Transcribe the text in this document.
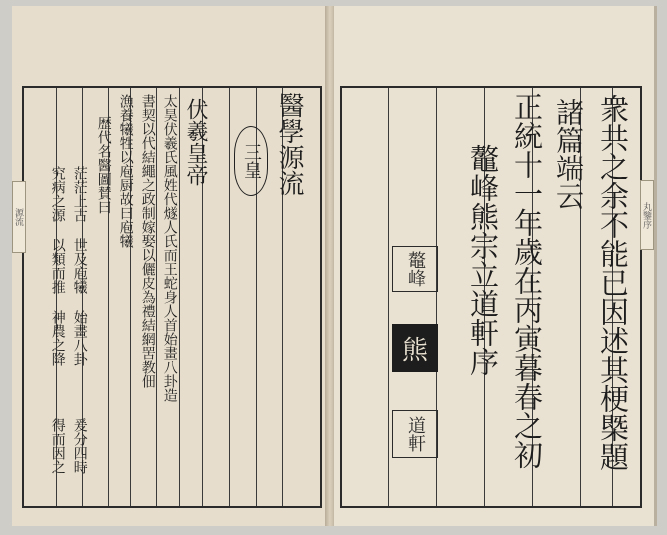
醫學源流
三皇
伏羲皇帝
太昊伏羲氏風姓代燧人氏而王蛇身人首始畫八卦造
書契以代結繩之政制嫁娶以儷皮為禮結網罟教佃
漁養犧牲以庖厨故曰庖犧
歴代名醫圖賛曰
茫茫上古
究病之源
世及庖犧
以類而推
始畫八卦
神農之降
爰分四時
得而因之
源流	衆共之余不能已因述其梗槩題
諸篇端云
正統十一年歲在丙寅暮春之初
鼇峰熊宗立道軒序
鼇峰
熊
道軒
丸鑒序
